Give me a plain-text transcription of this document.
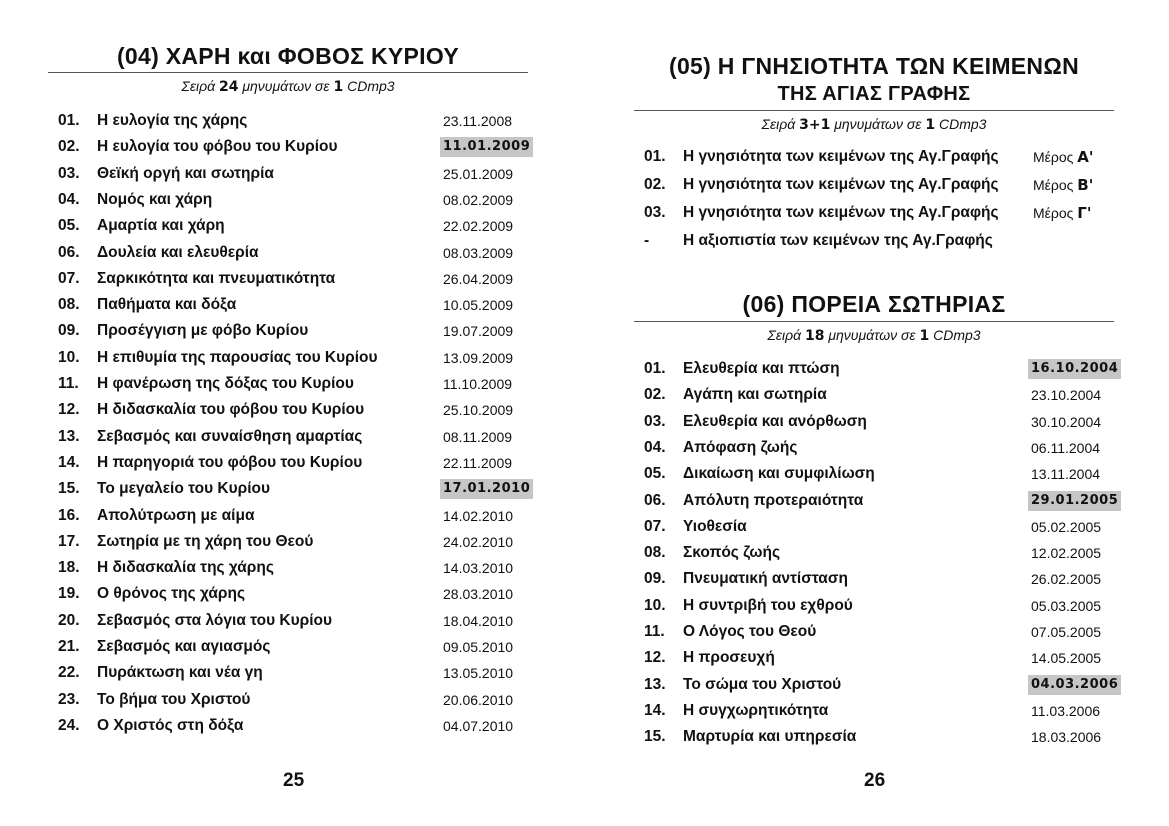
(04) ΧΑΡΗ και ΦΟΒΟΣ ΚΥΡΙΟΥ
Σειρά 24 μηνυμάτων σε 1 CDmp3
01. Η ευλογία της χάρης	23.11.2008
02. Η ευλογία του φόβου του Κυρίου	11.01.2009
03. Θεϊκή οργή και σωτηρία	25.01.2009
04. Νομός και χάρη	08.02.2009
05. Αμαρτία και χάρη	22.02.2009
06. Δουλεία και ελευθερία	08.03.2009
07. Σαρκικότητα και πνευματικότητα	26.04.2009
08. Παθήματα και δόξα	10.05.2009
09. Προσέγγιση με φόβο Κυρίου	19.07.2009
10. Η επιθυμία της παρουσίας του Κυρίου	13.09.2009
11. Η φανέρωση της δόξας του Κυρίου	11.10.2009
12. Η διδασκαλία του φόβου του Κυρίου	25.10.2009
13. Σεβασμός και συναίσθηση αμαρτίας	08.11.2009
14. Η παρηγοριά του φόβου του Κυρίου	22.11.2009
15. Το μεγαλείο του Κυρίου	17.01.2010
16. Απολύτρωση με αίμα	14.02.2010
17. Σωτηρία με τη χάρη του Θεού	24.02.2010
18. Η διδασκαλία της χάρης	14.03.2010
19. Ο θρόνος της χάρης	28.03.2010
20. Σεβασμός στα λόγια του Κυρίου	18.04.2010
21. Σεβασμός και αγιασμός	09.05.2010
22. Πυράκτωση και νέα γη	13.05.2010
23. Το βήμα του Χριστού	20.06.2010
24. Ο Χριστός στη δόξα	04.07.2010
25
(05) Η ΓΝΗΣΙΟΤΗΤΑ ΤΩΝ ΚΕΙΜΕΝΩΝ
ΤΗΣ ΑΓΙΑΣ ΓΡΑΦΗΣ
Σειρά 3+1 μηνυμάτων σε 1 CDmp3
01. Η γνησιότητα των κειμένων της Αγ.Γραφής Μέρος Α'
02. Η γνησιότητα των κειμένων της Αγ.Γραφής Μέρος Β'
03. Η γνησιότητα των κειμένων της Αγ.Γραφής Μέρος Γ'
- Η αξιοπιστία των κειμένων της Αγ.Γραφής
(06) ΠΟΡΕΙΑ ΣΩΤΗΡΙΑΣ
Σειρά 18 μηνυμάτων σε 1 CDmp3
01. Ελευθερία και πτώση	16.10.2004
02. Αγάπη και σωτηρία	23.10.2004
03. Ελευθερία και ανόρθωση	30.10.2004
04. Απόφαση ζωής	06.11.2004
05. Δικαίωση και συμφιλίωση	13.11.2004
06. Απόλυτη προτεραιότητα	29.01.2005
07. Υιοθεσία	05.02.2005
08. Σκοπός ζωής	12.02.2005
09. Πνευματική αντίσταση	26.02.2005
10. Η συντριβή του εχθρού	05.03.2005
11. Ο Λόγος του Θεού	07.05.2005
12. Η προσευχή	14.05.2005
13. Το σώμα του Χριστού	04.03.2006
14. Η συγχωρητικότητα	11.03.2006
15. Μαρτυρία και υπηρεσία	18.03.2006
26
